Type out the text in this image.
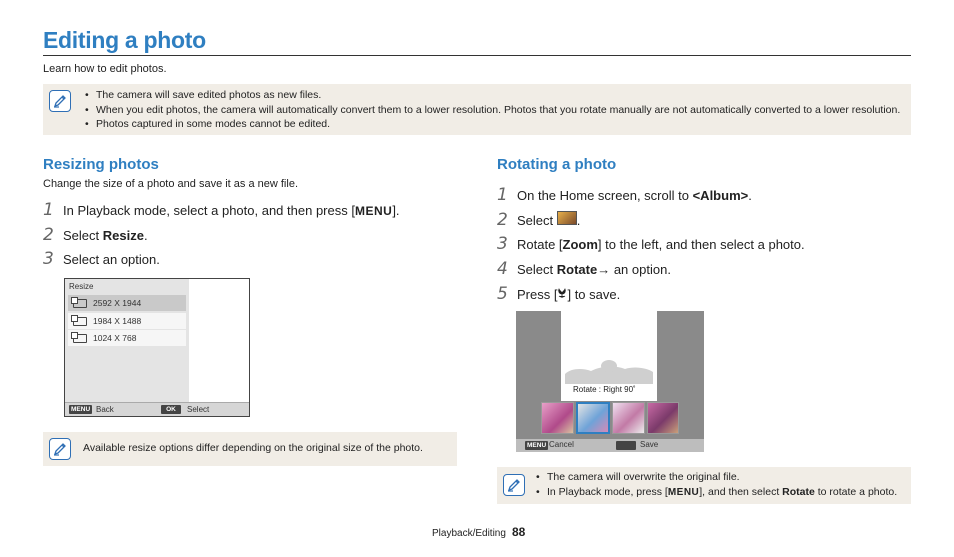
Editing a photo
Learn how to edit photos.
• The camera will save edited photos as new files.
• When you edit photos, the camera will automatically convert them to a lower resolution. Photos that you rotate manually are not automatically converted to a lower resolution.
• Photos captured in some modes cannot be edited.
Resizing photos
Change the size of a photo and save it as a new file.
1 In Playback mode, select a photo, and then press [ MENU ].
2 Select
Resize .
3 Select an option.
Resize
2592 X 1944
1984 X 1488
1024 X 768
MENU Back	OK	Select
Available resize options differ depending on the original size of the photo.
Rotating a photo
1 On the Home screen, scroll to
<Album> .
2 Select
.
3 Rotate [ Zoom ] to the left, and then select a photo.
4 Select
Rotate → an option.
5 Press [ ] to save.
Rotate : Right 90˚
MENU Cancel	Save
• The camera will overwrite the original file.
• In Playback mode, press [MENU], and then select Rotate to rotate a photo.
Playback/Editing 88
